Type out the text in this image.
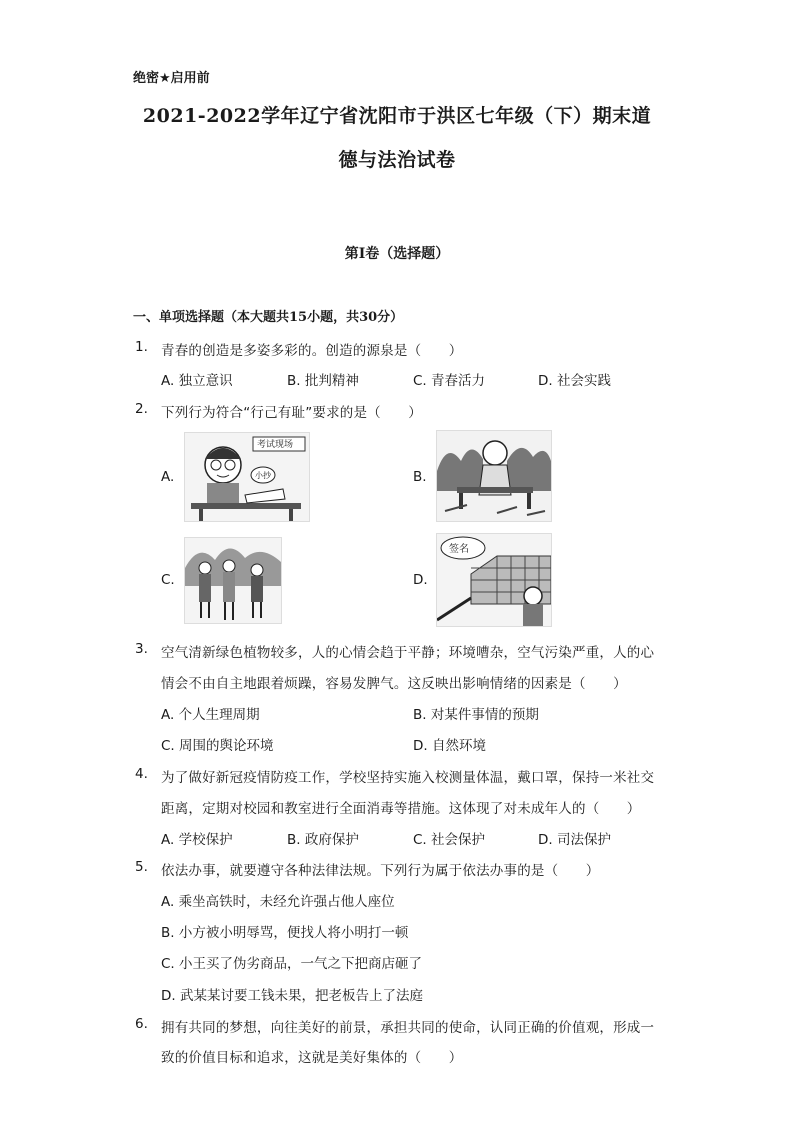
绝密★启用前
2021-2022学年辽宁省沈阳市于洪区七年级（下）期末道
德与法治试卷
第I卷（选择题）
一、单项选择题（本大题共15小题，共30分）
1. 青春的创造是多姿多彩的。创造的源泉是（　　）
A. 独立意识	B. 批判精神	C. 青春活力	D. 社会实践
2. 下列行为符合“行己有耻”要求的是（　　）
A.
考试现场
小抄	B.
C.	D.
签名
3. 空气清新绿色植物较多，人的心情会趋于平静；环境嘈杂，空气污染严重，人的心
情会不由自主地跟着烦躁，容易发脾气。这反映出影响情绪的因素是（　　）
A. 个人生理周期	B. 对某件事情的预期
C. 周围的舆论环境	D. 自然环境
4. 为了做好新冠疫情防疫工作，学校坚持实施入校测量体温，戴口罩，保持一米社交
距离，定期对校园和教室进行全面消毒等措施。这体现了对未成年人的（　　）
A. 学校保护	B. 政府保护	C. 社会保护	D. 司法保护
5. 依法办事，就要遵守各种法律法规。下列行为属于依法办事的是（　　）
A. 乘坐高铁时，未经允许强占他人座位
B. 小方被小明辱骂，便找人将小明打一顿
C. 小王买了伪劣商品，一气之下把商店砸了
D. 武某某讨要工钱未果，把老板告上了法庭
6. 拥有共同的梦想，向往美好的前景，承担共同的使命，认同正确的价值观，形成一
致的价值目标和追求，这就是美好集体的（　　）
